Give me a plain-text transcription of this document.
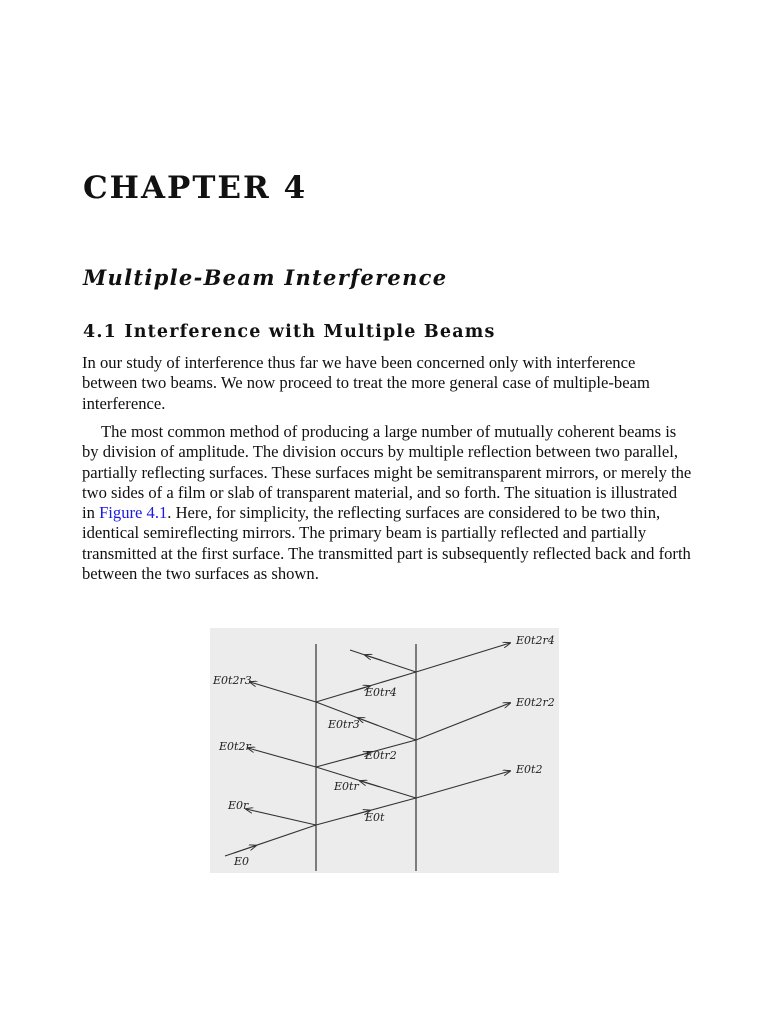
CHAPTER 4
Multiple-Beam Interference
4.1 Interference with Multiple Beams

In our study of interference thus far we have been concerned only with interference between two beams. We now proceed to treat the more general case of multiple-beam interference.

The most common method of producing a large number of mutually coherent beams is by division of amplitude. The division occurs by multiple reflection between two parallel, partially reflecting surfaces. These surfaces might be semitransparent mirrors, or merely the two sides of a film or slab of transparent material, and so forth. The situation is illustrated in Figure 4.1. Here, for simplicity, the reflecting surfaces are considered to be two thin, identical semireflecting mirrors. The primary beam is partially reflected and partially transmitted at the first surface. The transmitted part is subsequently reflected back and forth between the two surfaces as shown.

E0
E0r
E0t2r
E0t2r3
E0t
E0tr
E0tr2
E0tr3
E0tr4
E0t2
E0t2r2
E0t2r4
